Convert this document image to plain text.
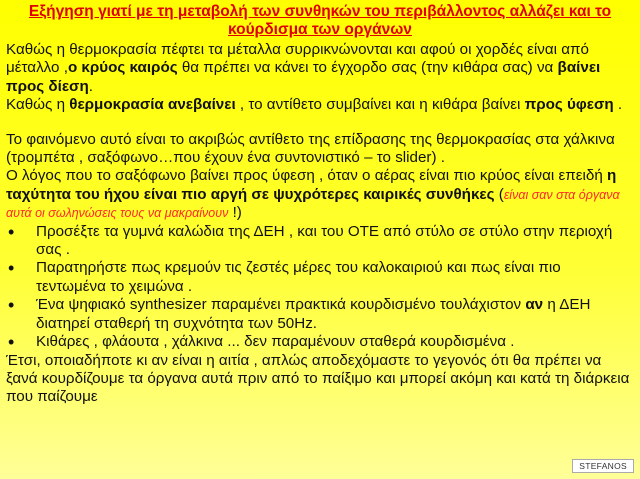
Εξήγηση γιατί με τη μεταβολή των συνθηκών του περιβάλλοντος αλλάζει και το
κούρδισμα των οργάνων

Καθώς η θερμοκρασία πέφτει τα μέταλλα συρρικνώνονται και αφού οι χορδές είναι από μέταλλο ,ο κρύος καιρός θα πρέπει να κάνει το έγχορδο σας (την κιθάρα σας) να βαίνει προς δίεση.

Καθώς η θερμοκρασία ανεβαίνει , το αντίθετο συμβαίνει και η κιθάρα βαίνει προς ύφεση .

Το φαινόμενο αυτό είναι το ακριβώς αντίθετο της επίδρασης της θερμοκρασίας στα χάλκινα (τρομπέτα , σαξόφωνο…που έχουν ένα συντονιστικό – το slider) .

Ο λόγος που το σαξόφωνο βαίνει προς ύφεση , όταν ο αέρας είναι πιο κρύος είναι επειδή η ταχύτητα του ήχου είναι πιο αργή σε ψυχρότερες καιρικές συνθήκες (είναι σαν στα όργανα αυτά οι σωληνώσεις τους να μακραίνουν !)

• Προσέξτε τα γυμνά καλώδια της ΔΕΗ , και του ΟΤΕ από στύλο σε στύλο στην περιοχή σας .
• Παρατηρήστε πως κρεμούν τις ζεστές μέρες του καλοκαιριού και πως είναι πιο τεντωμένα το χειμώνα .
• Ένα ψηφιακό synthesizer παραμένει πρακτικά κουρδισμένο τουλάχιστον αν η ΔΕΗ διατηρεί σταθερή τη συχνότητα των 50Hz.
• Κιθάρες , φλάουτα , χάλκινα ... δεν παραμένουν σταθερά κουρδισμένα .

Έτσι, οποιαδήποτε κι αν είναι η αιτία , απλώς αποδεχόμαστε το γεγονός ότι θα πρέπει να ξανά κουρδίζουμε τα όργανα αυτά πριν από το παίξιμο και μπορεί ακόμη και κατά τη διάρκεια που παίζουμε

STEFANOS
